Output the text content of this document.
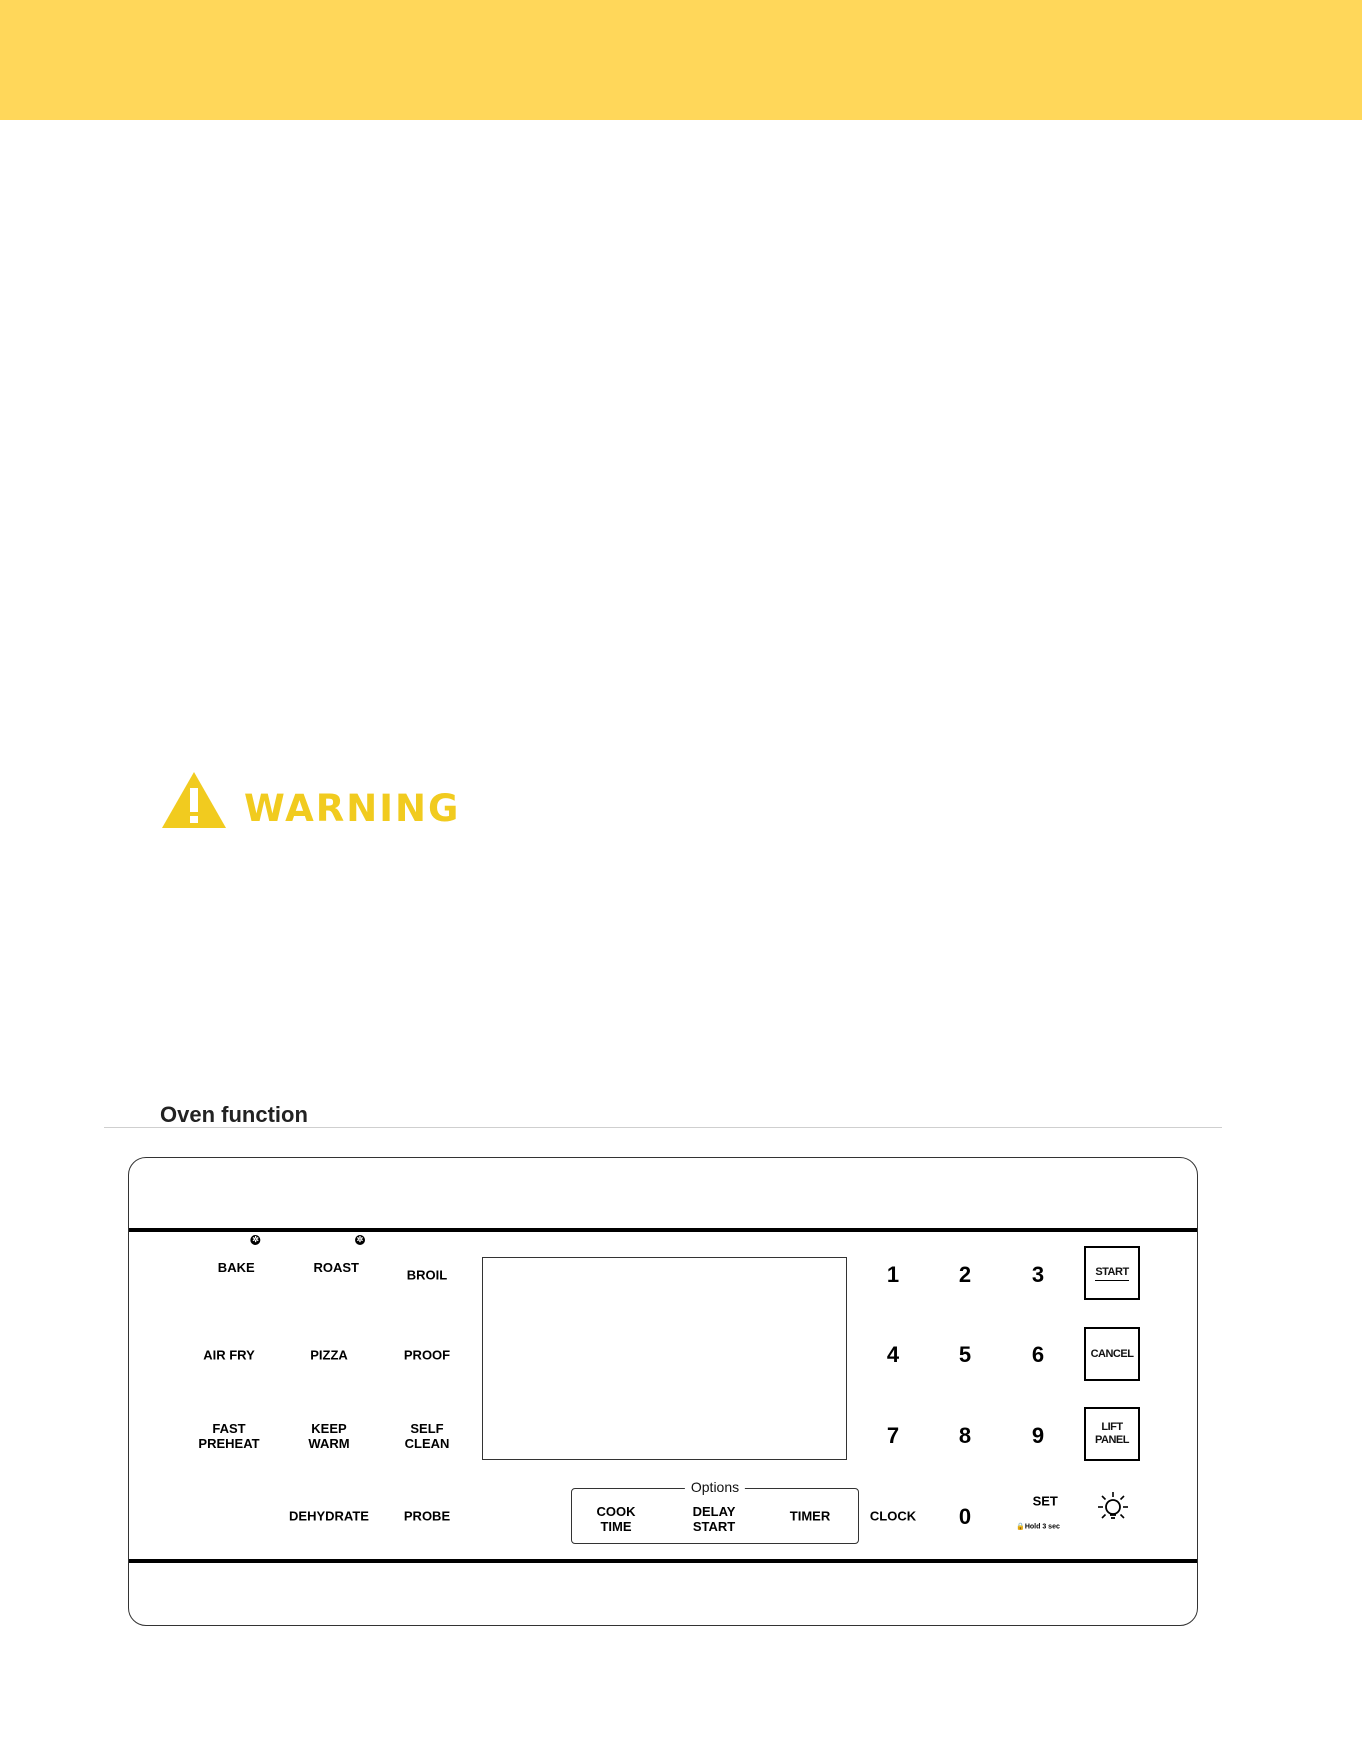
WARNING
Oven function

BAKE

✲

ROAST

✲

BROIL
AIR FRY	PIZZA	PROOF
FAST
PREHEAT
KEEP
WARM
SELF
CLEAN
DEHYDRATE	PROBE
Options
COOK
TIME
DELAY
START
TIMER
1	2	3
4	5	6
7	8	9
CLOCK 0

SET

🔒Hold 3 sec

START
CANCEL
LIFT
PANEL
